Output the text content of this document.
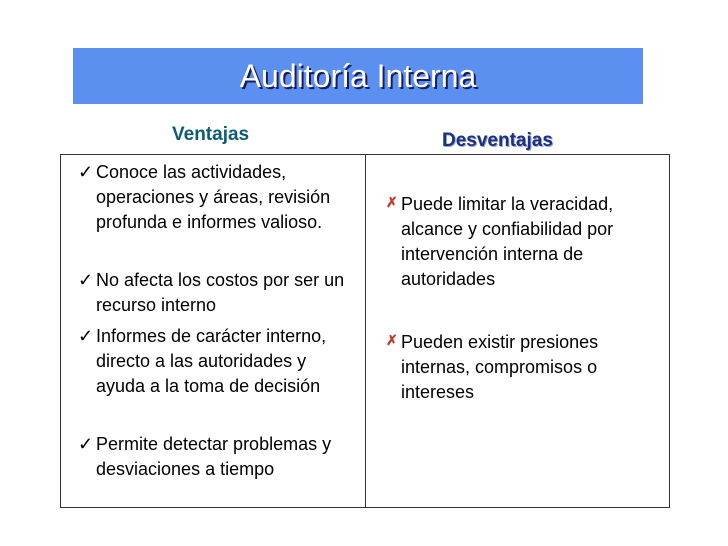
Auditoría Interna
Ventajas	Desventajas
✓ Conoce las actividades, operaciones y áreas, revisión profunda e informes valioso.
✓ No afecta los costos por ser un recurso interno
✓ Informes de carácter interno, directo a las autoridades y ayuda a la toma de decisión
✓ Permite detectar problemas y desviaciones a tiempo
✗ Puede limitar la veracidad, alcance y confiabilidad por intervención interna de autoridades
✗ Pueden existir presiones internas, compromisos o intereses
